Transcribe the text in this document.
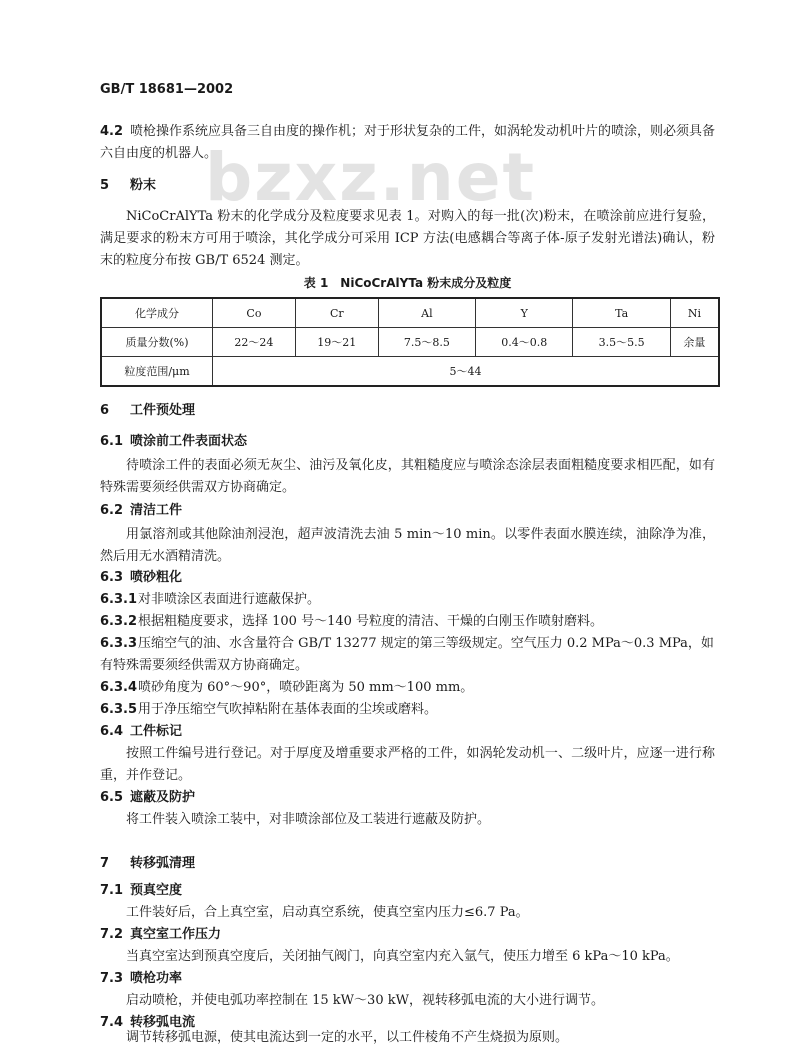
bzxz.net
GB/T 18681—2002
4.2 喷枪操作系统应具备三自由度的操作机；对于形状复杂的工件，如涡轮发动机叶片的喷涂，则必须具备六自由度的机器人。
5 粉末
NiCoCrAlYTa 粉末的化学成分及粒度要求见表 1。对购入的每一批(次)粉末，在喷涂前应进行复验，满足要求的粉末方可用于喷涂，其化学成分可采用 ICP 方法(电感耦合等离子体-原子发射光谱法)确认，粉末的粒度分布按 GB/T 6524 测定。
表 1　NiCoCrAlYTa 粉末成分及粒度
化学成分	Co	Cr	Al	Y	Ta	Ni
质量分数(%)	22～24	19～21	7.5～8.5	0.4～0.8	3.5～5.5	余量
粒度范围/μm	5～44					
6 工件预处理
6.1 喷涂前工件表面状态
待喷涂工件的表面必须无灰尘、油污及氧化皮，其粗糙度应与喷涂态涂层表面粗糙度要求相匹配，如有特殊需要须经供需双方协商确定。
6.2 清洁工件
用氯溶剂或其他除油剂浸泡，超声波清洗去油 5 min～10 min。以零件表面水膜连续，油除净为准，然后用无水酒精清洗。
6.3 喷砂粗化
6.3.1对非喷涂区表面进行遮蔽保护。
6.3.2根据粗糙度要求，选择 100 号～140 号粒度的清洁、干燥的白刚玉作喷射磨料。
6.3.3压缩空气的油、水含量符合 GB/T 13277 规定的第三等级规定。空气压力 0.2 MPa～0.3 MPa，如有特殊需要须经供需双方协商确定。
6.3.4喷砂角度为 60°～90°，喷砂距离为 50 mm～100 mm。
6.3.5用于净压缩空气吹掉粘附在基体表面的尘埃或磨料。
6.4 工件标记
按照工件编号进行登记。对于厚度及增重要求严格的工件，如涡轮发动机一、二级叶片，应逐一进行称重，并作登记。
6.5 遮蔽及防护
将工件装入喷涂工装中，对非喷涂部位及工装进行遮蔽及防护。
7 转移弧清理
7.1 预真空度
工件装好后，合上真空室，启动真空系统，使真空室内压力≤6.7 Pa。
7.2 真空室工作压力
当真空室达到预真空度后，关闭抽气阀门，向真空室内充入氩气，使压力增至 6 kPa～10 kPa。
7.3 喷枪功率
启动喷枪，并使电弧功率控制在 15 kW～30 kW，视转移弧电流的大小进行调节。
7.4 转移弧电流
调节转移弧电源，使其电流达到一定的水平，以工件棱角不产生烧损为原则。
